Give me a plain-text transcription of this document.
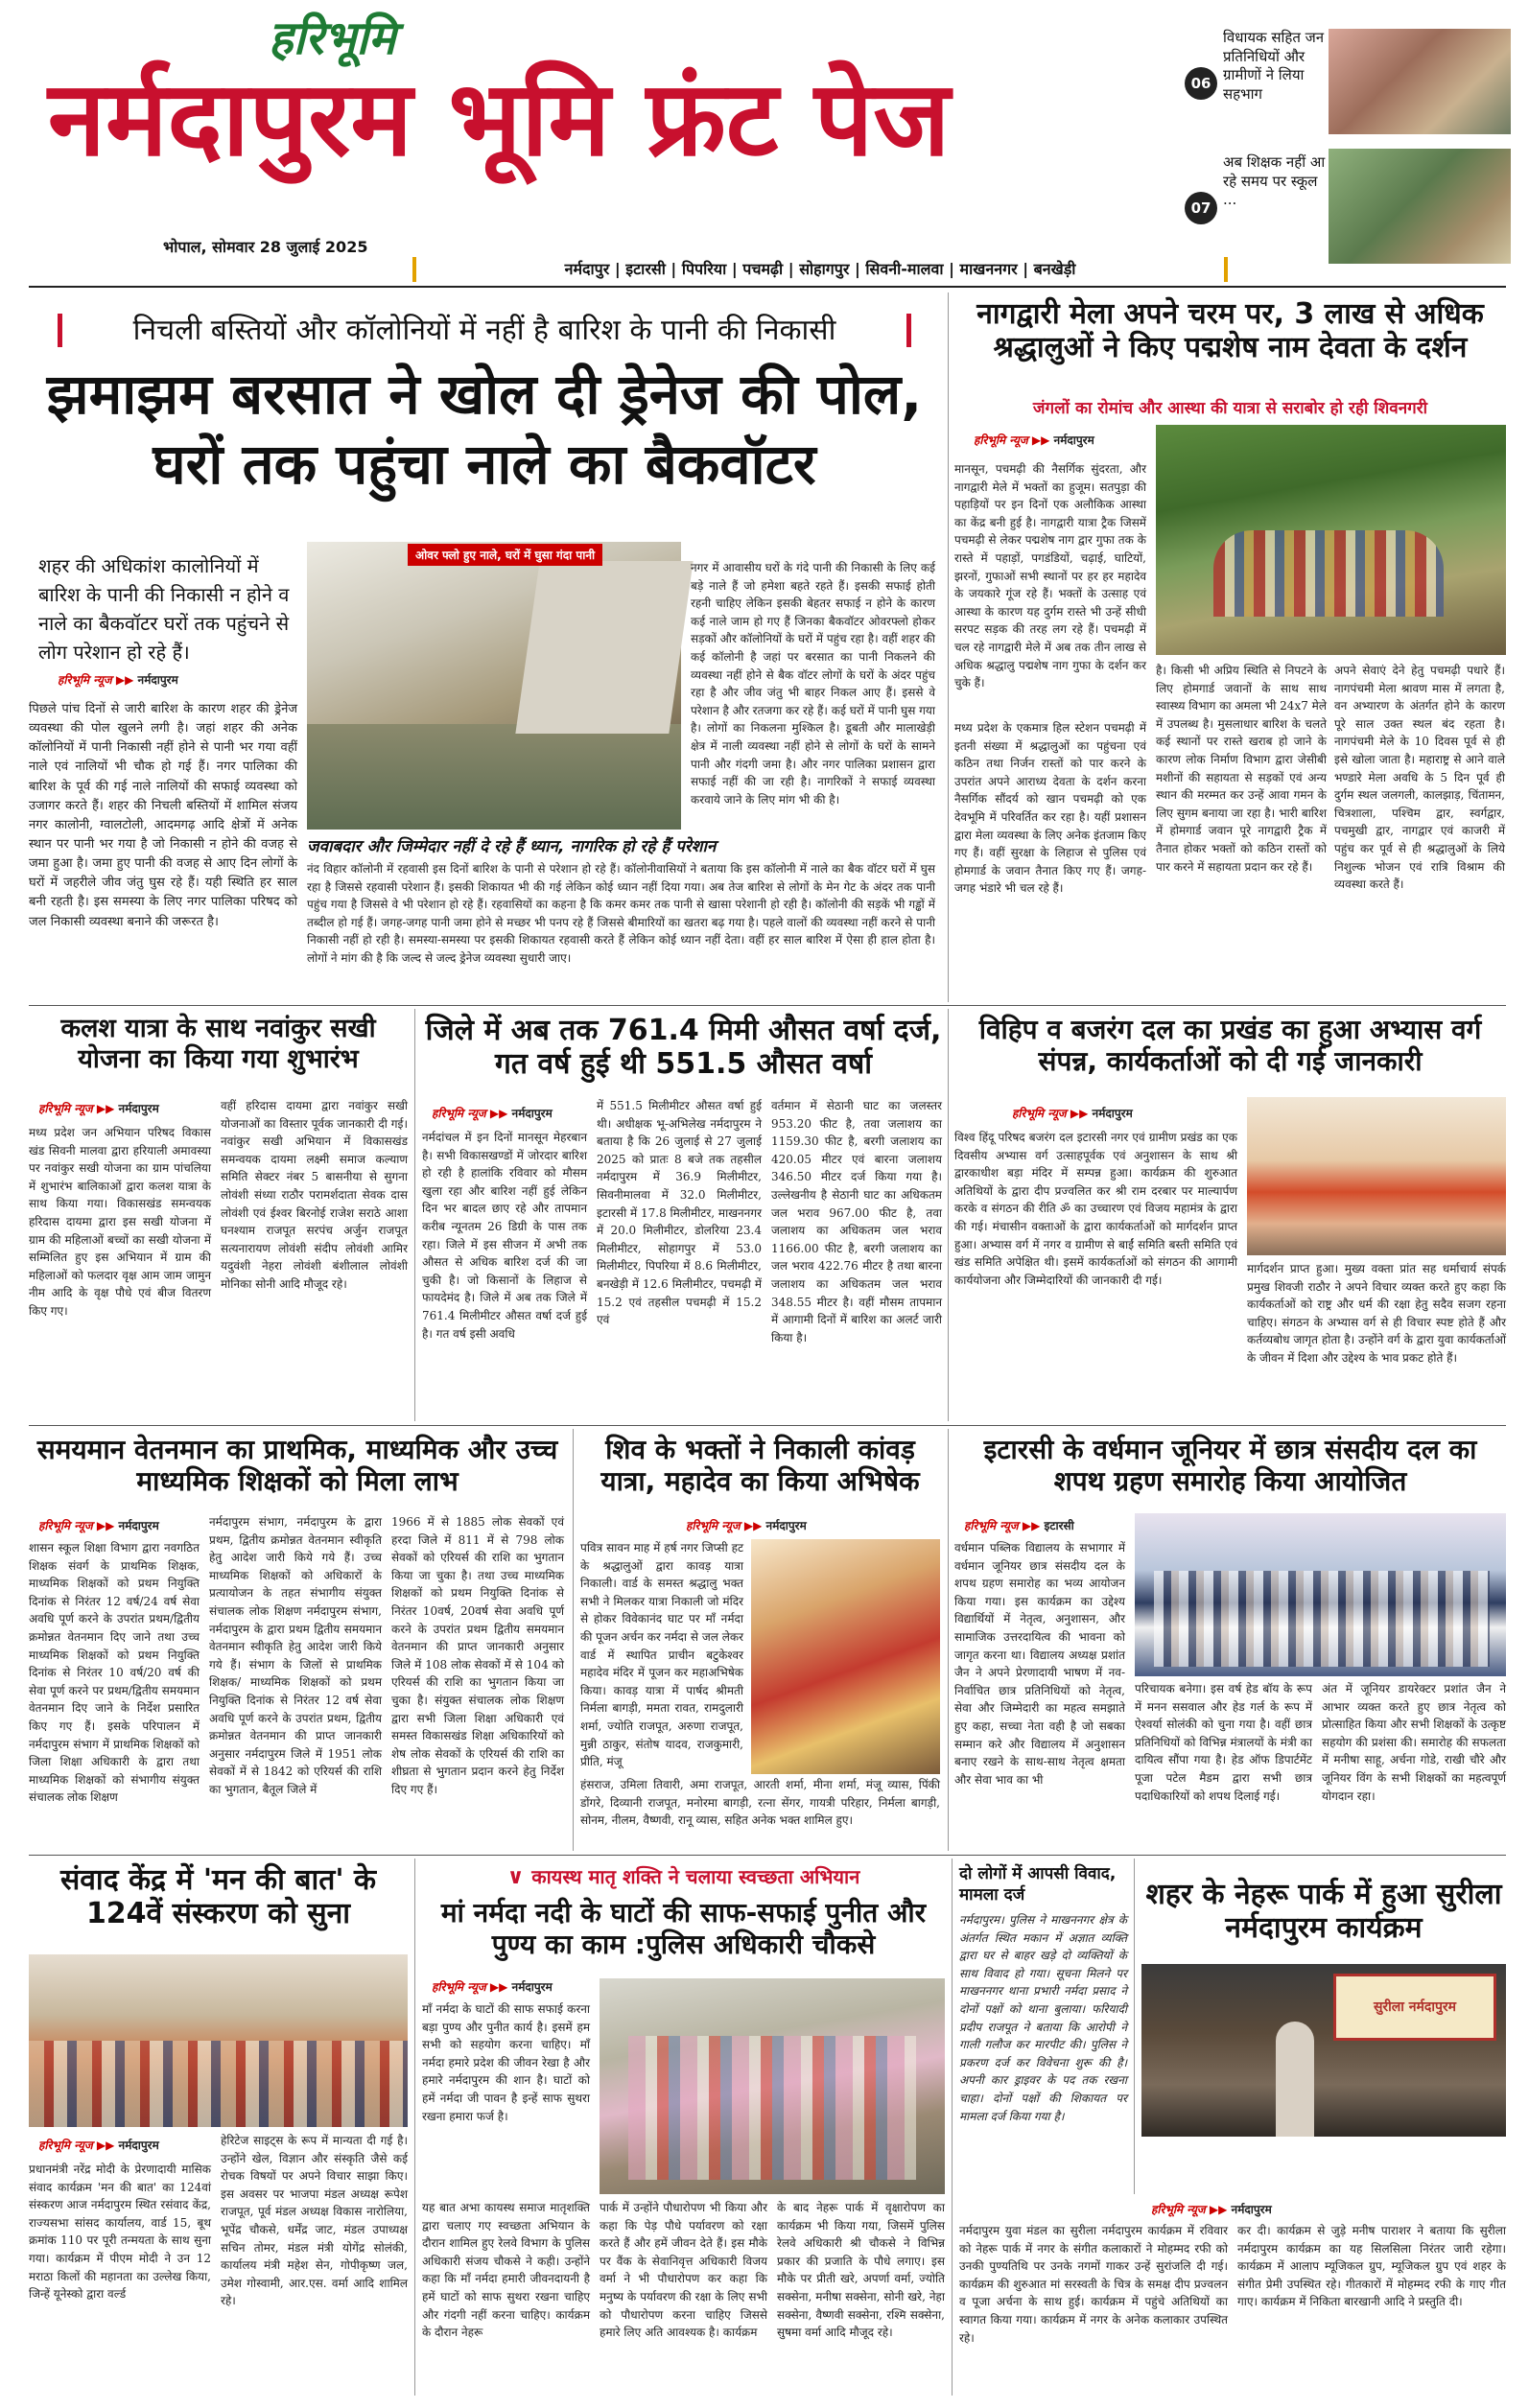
हरिभूमि
नर्मदापुरम भूमि फ्रंट पेज
भोपाल, सोमवार 28 जुलाई 2025
विधायक सहित जन प्रतिनिधियों और ग्रामीणों ने लिया सहभाग
06
अब शिक्षक नहीं आ रहे समय पर स्कूल ...
07
नर्मदापुर | इटारसी | पिपरिया | पचमढ़ी | सोहागपुर | सिवनी-मालवा | माखननगर | बनखेड़ी
निचली बस्तियों और कॉलोनियों में नहीं है बारिश के पानी की निकासी
झमाझम बरसात ने खोल दी ड्रेनेज की पोल, घरों तक पहुंचा नाले का बैकवॉटर
शहर की अधिकांश कालोनियों में बारिश के पानी की निकासी न होने व नाले का बैकवॉटर घरों तक पहुंचने से लोग परेशान हो रहे हैं।
हरिभूमि न्यूज ▶▶ नर्मदापुरम
ओवर फ्लो हुए नाले, घरों में घुसा गंदा पानी
पिछले पांच दिनों से जारी बारिश के कारण शहर की ड्रेनेज व्यवस्था की पोल खुलने लगी है। जहां शहर की अनेक कॉलोनियों में पानी निकासी नहीं होने से पानी भर गया वहीं नाले एवं नालियों भी चौक हो गई हैं। नगर पालिका की बारिश के पूर्व की गई नाले नालियों की सफाई व्यवस्था को उजागर करते हैं। शहर की निचली बस्तियों में शामिल संजय नगर कालोनी, ग्वालटोली, आदमगढ़ आदि क्षेत्रों में अनेक स्थान पर पानी भर गया है जो निकासी न होने की वजह से जमा हुआ है। जमा हुए पानी की वजह से आए दिन लोगों के घरों में जहरीले जीव जंतु घुस रहे हैं। यही स्थिति हर साल बनी रहती है। इस समस्या के लिए नगर पालिका परिषद को जल निकासी व्यवस्था बनाने की जरूरत है।
नगर में आवासीय घरों के गंदे पानी की निकासी के लिए कई बड़े नाले हैं जो हमेशा बहते रहते हैं। इसकी सफाई होती रहनी चाहिए लेकिन इसकी बेहतर सफाई न होने के कारण कई नाले जाम हो गए हैं जिनका बैकवॉटर ओवरफ्लो होकर सड़कों और कॉलोनियों के घरों में पहुंच रहा है। वहीं शहर की कई कॉलोनी है जहां पर बरसात का पानी निकलने की व्यवस्था नहीं होने से बैक वॉटर लोगों के घरों के अंदर पहुंच रहा है और जीव जंतु भी बाहर निकल आए हैं। इससे वे परेशान है और रतजगा कर रहे हैं। कई घरों में पानी घुस गया है। लोगों का निकलना मुश्किल है। डूबती और मालाखेड़ी क्षेत्र में नाली व्यवस्था नहीं होने से लोगों के घरों के सामने पानी और गंदगी जमा है। और नगर पालिका प्रशासन द्वारा सफाई नहीं की जा रही है। नागरिकों ने सफाई व्यवस्था करवाये जाने के लिए मांग भी की है।
जवाबदार और जिम्मेदार नहीं दे रहे हैं ध्यान, नागरिक हो रहे हैं परेशान
नंद विहार कॉलोनी में रहवासी इस दिनों बारिश के पानी से परेशान हो रहे हैं। कॉलोनीवासियों ने बताया कि इस कॉलोनी में नाले का बैक वॉटर घरों में घुस रहा है जिससे रहवासी परेशान हैं। इसकी शिकायत भी की गई लेकिन कोई ध्यान नहीं दिया गया। अब तेज बारिश से लोगों के मेन गेट के अंदर तक पानी पहुंच गया है जिससे वे भी परेशान हो रहे हैं। रहवासियों का कहना है कि कमर कमर तक पानी से खासा परेशानी हो रही है। कॉलोनी की सड़कें भी गड्ढों में तब्दील हो गई हैं। जगह-जगह पानी जमा होने से मच्छर भी पनप रहे हैं जिससे बीमारियों का खतरा बढ़ गया है। पहले वालों की व्यवस्था नहीं करने से पानी निकासी नहीं हो रही है। समस्या-समस्या पर इसकी शिकायत रहवासी करते हैं लेकिन कोई ध्यान नहीं देता। वहीं हर साल बारिश में ऐसा ही हाल होता है। लोगों ने मांग की है कि जल्द से जल्द ड्रेनेज व्यवस्था सुधारी जाए।
नागद्वारी मेला अपने चरम पर, 3 लाख से अधिक श्रद्धालुओं ने किए पद्मशेष नाम देवता के दर्शन
जंगलों का रोमांच और आस्था की यात्रा से सराबोर हो रही शिवनगरी
हरिभूमि न्यूज ▶▶ नर्मदापुरम
मानसून, पचमढ़ी की नैसर्गिक सुंदरता, और नागद्वारी मेले में भक्तों का हुजूम। सतपुड़ा की पहाड़ियों पर इन दिनों एक अलौकिक आस्था का केंद्र बनी हुई है। नागद्वारी यात्रा ट्रैक जिसमें पचमढ़ी से लेकर पद्मशेष नाग द्वार गुफा तक के रास्ते में पहाड़ों, पगडंडियों, चढ़ाई, घाटियों, झरनों, गुफाओं सभी स्थानों पर हर हर महादेव के जयकारे गूंज रहे हैं। भक्तों के उत्साह एवं आस्था के कारण यह दुर्गम रास्ते भी उन्हें सीधी सरपट सड़क की तरह लग रहे हैं। पचमढ़ी में चल रहे नागद्वारी मेले में अब तक तीन लाख से अधिक श्रद्धालु पद्मशेष नाग गुफा के दर्शन कर चुके हैं।
मध्य प्रदेश के एकमात्र हिल स्टेशन पचमढ़ी में इतनी संख्या में श्रद्धालुओं का पहुंचना एवं कठिन तथा निर्जन रास्तों को पार करने के उपरांत अपने आराध्य देवता के दर्शन करना नैसर्गिक सौंदर्य को खान पचमढ़ी को एक देवभूमि में परिवर्तित कर रहा है। यहीं प्रशासन द्वारा मेला व्यवस्था के लिए अनेक इंतजाम किए गए हैं। वहीं सुरक्षा के लिहाज से पुलिस एवं होमगार्ड के जवान तैनात किए गए हैं। जगह-जगह भंडारे भी चल रहे हैं।
है। किसी भी अप्रिय स्थिति से निपटने के लिए होमगार्ड जवानों के साथ साथ स्वास्थ्य विभाग का अमला भी 24x7 मेले में उपलब्ध है। मुसलाधार बारिश के चलते कई स्थानों पर रास्ते खराब हो जाने के कारण लोक निर्माण विभाग द्वारा जेसीबी मशीनों की सहायता से सड़कों एवं अन्य स्थान की मरम्मत कर उन्हें आवा गमन के लिए सुगम बनाया जा रहा है। भारी बारिश में होमगार्ड जवान पूरे नागद्वारी ट्रैक में तैनात होकर भक्तों को कठिन रास्तों को पार करने में सहायता प्रदान कर रहे हैं।
अपने सेवाएं देने हेतु पचमढ़ी पधारे हैं। नागपंचमी मेला श्रावण मास में लगता है, वन अभ्यारण के अंतर्गत होने के कारण पूरे साल उक्त स्थल बंद रहता है। नागपंचमी मेले के 10 दिवस पूर्व से ही इसे खोला जाता है। महाराष्ट्र से आने वाले भण्डारे मेला अवधि के 5 दिन पूर्व ही दुर्गम स्थल जलगली, कालझाड़, चिंतामन, चित्रशाला, पश्चिम द्वार, स्वर्गद्वार, पचमुखी द्वार, नागद्वार एवं काजरी में पहुंच कर पूर्व से ही श्रद्धालुओं के लिये निशुल्क भोजन एवं रात्रि विश्राम की व्यवस्था करते हैं।
कलश यात्रा के साथ नवांकुर सखी योजना का किया गया शुभारंभ
हरिभूमि न्यूज ▶▶ नर्मदापुरम
मध्य प्रदेश जन अभियान परिषद विकास खंड सिवनी मालवा द्वारा हरियाली अमावस्या पर नवांकुर सखी योजना का ग्राम पांचलिया में शुभारंभ बालिकाओं द्वारा कलश यात्रा के साथ किया गया। विकासखंड समन्वयक हरिदास दायमा द्वारा इस सखी योजना में ग्राम की महिलाओं बच्चों का सखी योजना में सम्मिलित हुए इस अभियान में ग्राम की महिलाओं को फलदार वृक्ष आम जाम जामुन नीम आदि के वृक्ष पौधे एवं बीज वितरण किए गए।
वहीं हरिदास दायमा द्वारा नवांकुर सखी योजनाओं का विस्तार पूर्वक जानकारी दी गई। नवांकुर सखी अभियान में विकासखंड समन्वयक दायमा लक्ष्मी समाज कल्याण समिति सेक्टर नंबर 5 बासनीया से सुगना लोवंशी संध्या राठौर परामर्शदाता सेवक दास लोवंशी एवं ईश्वर बिरनोई राजेश सराठे आशा घनश्याम राजपूत सरपंच अर्जुन राजपूत सत्यनारायण लोवंशी संदीप लोवंशी आमिर यदुवंशी नेहरा लोवंशी बंशीलाल लोवंशी मोनिका सोनी आदि मौजूद रहे।
जिले में अब तक 761.4 मिमी औसत वर्षा दर्ज, गत वर्ष हुई थी 551.5 औसत वर्षा
हरिभूमि न्यूज ▶▶ नर्मदापुरम
नर्मदांचल में इन दिनों मानसून मेहरबान है। सभी विकासखण्डों में जोरदार बारिश हो रही है हालांकि रविवार को मौसम खुला रहा और बारिश नहीं हुई लेकिन दिन भर बादल छाए रहे और तापमान करीब न्यूनतम 26 डिग्री के पास तक रहा। जिले में इस सीजन में अभी तक औसत से अधिक बारिश दर्ज की जा चुकी है। जो किसानों के लिहाज से फायदेमंद है। जिले में अब तक जिले में 761.4 मिलीमीटर औसत वर्षा दर्ज हुई है। गत वर्ष इसी अवधि
में 551.5 मिलीमीटर औसत वर्षा हुई थी। अधीक्षक भू-अभिलेख नर्मदापुरम ने बताया है कि 26 जुलाई से 27 जुलाई 2025 को प्रातः 8 बजे तक तहसील नर्मदापुरम में 36.9 मिलीमीटर, सिवनीमालवा में 32.0 मिलीमीटर, इटारसी में 17.8 मिलीमीटर, माखननगर में 20.0 मिलीमीटर, डोलरिया 23.4 मिलीमीटर, सोहागपुर में 53.0 मिलीमीटर, पिपरिया में 8.6 मिलीमीटर, बनखेड़ी में 12.6 मिलीमीटर, पचमढ़ी में 15.2 एवं तहसील पचमढ़ी में 15.2 एवं
वर्तमान में सेठानी घाट का जलस्तर 953.20 फीट है, तवा जलाशय का 1159.30 फीट है, बरगी जलाशय का 420.05 मीटर एवं बारना जलाशय 346.50 मीटर दर्ज किया गया है। उल्लेखनीय है सेठानी घाट का अधिकतम जल भराव 967.00 फीट है, तवा जलाशय का अधिकतम जल भराव 1166.00 फीट है, बरगी जलाशय का जल भराव 422.76 मीटर है तथा बारना जलाशय का अधिकतम जल भराव 348.55 मीटर है। वहीं मौसम तापमान में आगामी दिनों में बारिश का अलर्ट जारी किया है।
विहिप व बजरंग दल का प्रखंड का हुआ अभ्यास वर्ग संपन्न, कार्यकर्ताओं को दी गई जानकारी
हरिभूमि न्यूज ▶▶ नर्मदापुरम
विश्व हिंदू परिषद बजरंग दल इटारसी नगर एवं ग्रामीण प्रखंड का एक दिवसीय अभ्यास वर्ग उत्साहपूर्वक एवं अनुशासन के साथ श्री द्वारकाधीश बड़ा मंदिर में सम्पन्न हुआ। कार्यक्रम की शुरुआत अतिथियों के द्वारा दीप प्रज्वलित कर श्री राम दरबार पर माल्यार्पण करके व संगठन की रीति ॐ का उच्चारण एवं विजय महामंत्र के द्वारा की गई। मंचासीन वक्ताओं के द्वारा कार्यकर्ताओं को मार्गदर्शन प्राप्त हुआ। अभ्यास वर्ग में नगर व ग्रामीण से बाईं समिति बस्ती समिति एवं खंड समिति अपेक्षित थी। इसमें कार्यकर्ताओं को संगठन की आगामी कार्ययोजना और जिम्मेदारियों की जानकारी दी गई।
मार्गदर्शन प्राप्त हुआ। मुख्य वक्ता प्रांत सह धर्माचार्य संपर्क प्रमुख शिवजी राठौर ने अपने विचार व्यक्त करते हुए कहा कि कार्यकर्ताओं को राष्ट्र और धर्म की रक्षा हेतु सदैव सजग रहना चाहिए। संगठन के अभ्यास वर्ग से ही विचार स्पष्ट होते हैं और कर्तव्यबोध जागृत होता है। उन्होंने वर्ग के द्वारा युवा कार्यकर्ताओं के जीवन में दिशा और उद्देश्य के भाव प्रकट होते हैं।
समयमान वेतनमान का प्राथमिक, माध्यमिक और उच्च माध्यमिक शिक्षकों को मिला लाभ
हरिभूमि न्यूज ▶▶ नर्मदापुरम
शासन स्कूल शिक्षा विभाग द्वारा नवगठित शिक्षक संवर्ग के प्राथमिक शिक्षक, माध्यमिक शिक्षकों को प्रथम नियुक्ति दिनांक से निरंतर 12 वर्ष/24 वर्ष सेवा अवधि पूर्ण करने के उपरांत प्रथम/द्वितीय क्रमोन्नत वेतनमान दिए जाने तथा उच्च माध्यमिक शिक्षकों को प्रथम नियुक्ति दिनांक से निरंतर 10 वर्ष/20 वर्ष की सेवा पूर्ण करने पर प्रथम/द्वितीय समयमान वेतनमान दिए जाने के निर्देश प्रसारित किए गए हैं। इसके परिपालन में नर्मदापुरम संभाग में प्राथमिक शिक्षकों को जिला शिक्षा अधिकारी के द्वारा तथा माध्यमिक शिक्षकों को संभागीय संयुक्त संचालक लोक शिक्षण
नर्मदापुरम संभाग, नर्मदापुरम के द्वारा प्रथम, द्वितीय क्रमोन्नत वेतनमान स्वीकृति हेतु आदेश जारी किये गये हैं। उच्च माध्यमिक शिक्षकों को अधिकारों के प्रत्यायोजन के तहत संभागीय संयुक्त संचालक लोक शिक्षण नर्मदापुरम संभाग, नर्मदापुरम के द्वारा प्रथम द्वितीय समयमान वेतनमान स्वीकृति हेतु आदेश जारी किये गये हैं। संभाग के जिलों से प्राथमिक शिक्षक/ माध्यमिक शिक्षकों को प्रथम नियुक्ति दिनांक से निरंतर 12 वर्ष सेवा अवधि पूर्ण करने के उपरांत प्रथम, द्वितीय क्रमोन्नत वेतनमान की प्राप्त जानकारी अनुसार नर्मदापुरम जिले में 1951 लोक सेवकों में से 1842 को एरियर्स की राशि का भुगतान, बैतूल जिले में
1966 में से 1885 लोक सेवकों एवं हरदा जिले में 811 में से 798 लोक सेवकों को एरियर्स की राशि का भुगतान किया जा चुका है। तथा उच्च माध्यमिक शिक्षकों को प्रथम नियुक्ति दिनांक से निरंतर 10वर्ष, 20वर्ष सेवा अवधि पूर्ण करने के उपरांत प्रथम द्वितीय समयमान वेतनमान की प्राप्त जानकारी अनुसार जिले में 108 लोक सेवकों में से 104 को एरियर्स की राशि का भुगतान किया जा चुका है। संयुक्त संचालक लोक शिक्षण द्वारा सभी जिला शिक्षा अधिकारी एवं समस्त विकासखंड शिक्षा अधिकारियों को शेष लोक सेवकों के एरियर्स की राशि का शीघ्रता से भुगतान प्रदान करने हेतु निर्देश दिए गए हैं।
शिव के भक्तों ने निकाली कांवड़ यात्रा, महादेव का किया अभिषेक
हरिभूमि न्यूज ▶▶ नर्मदापुरम
पवित्र सावन माह में हर्ष नगर जिप्सी हट के श्रद्धालुओं द्वारा कावड़ यात्रा निकाली। वार्ड के समस्त श्रद्धालु भक्त सभी ने मिलकर यात्रा निकाली जो मंदिर से होकर विवेकानंद घाट पर माँ नर्मदा की पूजन अर्चन कर नर्मदा से जल लेकर वार्ड में स्थापित प्राचीन बटुकेश्वर महादेव मंदिर में पूजन कर महाअभिषेक किया। कावड़ यात्रा में पार्षद श्रीमती निर्मला बागड़ी, ममता रावत, रामदुलारी शर्मा, ज्योति राजपूत, अरुणा राजपूत, मुन्नी ठाकुर, संतोष यादव, राजकुमारी, प्रीति, मंजू
हंसराज, उमिला तिवारी, अमा राजपूत, आरती शर्मा, मीना शर्मा, मंजू व्यास, पिंकी डोंगरे, दिव्यानी राजपूत, मनोरमा बागड़ी, रत्ना सेंगर, गायत्री परिहार, निर्मला बागड़ी, सोनम, नीलम, वैष्णवी, रानू व्यास, सहित अनेक भक्त शामिल हुए।
इटारसी के वर्धमान जूनियर में छात्र संसदीय दल का शपथ ग्रहण समारोह किया आयोजित
हरिभूमि न्यूज ▶▶ इटारसी
वर्धमान पब्लिक विद्यालय के सभागार में वर्धमान जूनियर छात्र संसदीय दल के शपथ ग्रहण समारोह का भव्य आयोजन किया गया। इस कार्यक्रम का उद्देश्य विद्यार्थियों में नेतृत्व, अनुशासन, और सामाजिक उत्तरदायित्व की भावना को जागृत करना था। विद्यालय अध्यक्ष प्रशांत जैन ने अपने प्रेरणादायी भाषण में नव-निर्वाचित छात्र प्रतिनिधियों को नेतृत्व, सेवा और जिम्मेदारी का महत्व समझाते हुए कहा, सच्चा नेता वही है जो सबका सम्मान करे और विद्यालय में अनुशासन बनाए रखने के साथ-साथ नेतृत्व क्षमता और सेवा भाव का भी
परिचायक बनेगा। इस वर्ष हेड बॉय के रूप में मनन ससवाल और हेड गर्ल के रूप में ऐश्वर्या सोलंकी को चुना गया है। वहीं छात्र प्रतिनिधियों को विभिन्न मंत्रालयों के मंत्री का दायित्व सौंपा गया है। हेड ऑफ डिपार्टमेंट पूजा पटेल मैडम द्वारा सभी छात्र पदाधिकारियों को शपथ दिलाई गई।
अंत में जूनियर डायरेक्टर प्रशांत जैन ने आभार व्यक्त करते हुए छात्र नेतृत्व को प्रोत्साहित किया और सभी शिक्षकों के उत्कृष्ट सहयोग की प्रशंसा की। समारोह की सफलता में मनीषा साहू, अर्चना गोडे, राखी चौरे और जूनियर विंग के सभी शिक्षकों का महत्वपूर्ण योगदान रहा।
संवाद केंद्र में 'मन की बात' के 124वें संस्करण को सुना
हरिभूमि न्यूज ▶▶ नर्मदापुरम
प्रधानमंत्री नरेंद्र मोदी के प्रेरणादायी मासिक संवाद कार्यक्रम 'मन की बात' का 124वां संस्करण आज नर्मदापुरम स्थित रसंवाद केंद्र, राज्यसभा सांसद कार्यालय, वार्ड 15, बूथ क्रमांक 110 पर पूरी तन्मयता के साथ सुना गया। कार्यक्रम में पीएम मोदी ने उन 12 मराठा किलों की महानता का उल्लेख किया, जिन्हें यूनेस्को द्वारा वर्ल्ड
हेरिटेज साइट्स के रूप में मान्यता दी गई है। उन्होंने खेल, विज्ञान और संस्कृति जैसे कई रोचक विषयों पर अपने विचार साझा किए। इस अवसर पर भाजपा मंडल अध्यक्ष रूपेश राजपूत, पूर्व मंडल अध्यक्ष विकास नारोलिया, भूपेंद्र चौकसे, धर्मेंद्र जाट, मंडल उपाध्यक्ष सचिन तोमर, मंडल मंत्री योगेंद्र सोलंकी, कार्यालय मंत्री महेश सेन, गोपीकृष्ण जल, उमेश गोस्वामी, आर.एस. वर्मा आदि शामिल रहे।
∨ कायस्थ मातृ शक्ति ने चलाया स्वच्छता अभियान
मां नर्मदा नदी के घाटों की साफ-सफाई पुनीत और पुण्य का काम :पुलिस अधिकारी चौकसे
हरिभूमि न्यूज ▶▶ नर्मदापुरम
माँ नर्मदा के घाटों की साफ सफाई करना बड़ा पुण्य और पुनीत कार्य है। इसमें हम सभी को सहयोग करना चाहिए। माँ नर्मदा हमारे प्रदेश की जीवन रेखा है और हमारे नर्मदापुरम की शान है। घाटों को हमें नर्मदा जी पावन है इन्हें साफ सुथरा रखना हमारा फर्ज है।
यह बात अभा कायस्थ समाज मातृशक्ति द्वारा चलाए गए स्वच्छता अभियान के दौरान शामिल हुए रेलवे विभाग के पुलिस अधिकारी संजय चौकसे ने कही। उन्होंने कहा कि माँ नर्मदा हमारी जीवनदायनी है हमें घाटों को साफ सुथरा रखना चाहिए और गंदगी नहीं करना चाहिए। कार्यक्रम के दौरान नेहरू
पार्क में उन्होंने पौधारोपण भी किया और कहा कि पेड़ पौधे पर्यावरण को रक्षा करते हैं और हमें जीवन देते हैं। इस मौके पर वैंक के सेवानिवृत्त अधिकारी विजय वर्मा ने भी पौधारोपण कर कहा कि मनुष्य के पर्यावरण की रक्षा के लिए सभी को पौधारोपण करना चाहिए जिससे हमारे लिए अति आवश्यक है। कार्यक्रम
के बाद नेहरू पार्क में वृक्षारोपण का कार्यक्रम भी किया गया, जिसमें पुलिस रेलवे अधिकारी श्री चौकसे ने विभिन्न प्रकार की प्रजाति के पौधे लगाए। इस मौके पर प्रीती खरे, अपर्णा वर्मा, ज्योति सक्सेना, मनीषा सक्सेना, सोनी खरे, नेहा सक्सेना, वैष्णवी सक्सेना, रश्मि सक्सेना, सुषमा वर्मा आदि मौजूद रहे।
दो लोगों में आपसी विवाद, मामला दर्ज
नर्मदापुरम। पुलिस ने माखननगर क्षेत्र के अंतर्गत स्थित मकान में अज्ञात व्यक्ति द्वारा घर से बाहर खड़े दो व्यक्तियों के साथ विवाद हो गया। सूचना मिलने पर माखननगर थाना प्रभारी नर्मदा प्रसाद ने दोनों पक्षों को थाना बुलाया। फरियादी प्रदीप राजपूत ने बताया कि आरोपी ने गाली गलौज कर मारपीट की। पुलिस ने प्रकरण दर्ज कर विवेचना शुरू की है। अपनी कार ड्राइवर के पद तक रखना चाहा। दोनों पक्षों की शिकायत पर मामला दर्ज किया गया है।
शहर के नेहरू पार्क में हुआ सुरीला नर्मदापुरम कार्यक्रम
सुरीला नर्मदापुरम
हरिभूमि न्यूज ▶▶ नर्मदापुरम
नर्मदापुरम युवा मंडल का सुरीला नर्मदापुरम कार्यक्रम में रविवार को नेहरू पार्क में नगर के संगीत कलाकारों ने मोहम्मद रफी को उनकी पुण्यतिथि पर उनके नगमों गाकर उन्हें सुरांजलि दी गई। कार्यक्रम की शुरुआत मां सरस्वती के चित्र के समक्ष दीप प्रज्वलन व पूजा अर्चना के साथ हुई। कार्यक्रम में पहुंचे अतिथियों का स्वागत किया गया। कार्यक्रम में नगर के अनेक कलाकार उपस्थित रहे।
कर दी। कार्यक्रम से जुड़े मनीष पाराशर ने बताया कि सुरीला नर्मदापुरम कार्यक्रम का यह सिलसिला निरंतर जारी रहेगा। कार्यक्रम में आलाप म्यूजिकल ग्रुप, म्यूजिकल ग्रुप एवं शहर के संगीत प्रेमी उपस्थित रहे। गीतकारों में मोहम्मद रफी के गाए गीत गाए। कार्यक्रम में निकिता बारखानी आदि ने प्रस्तुति दी।
